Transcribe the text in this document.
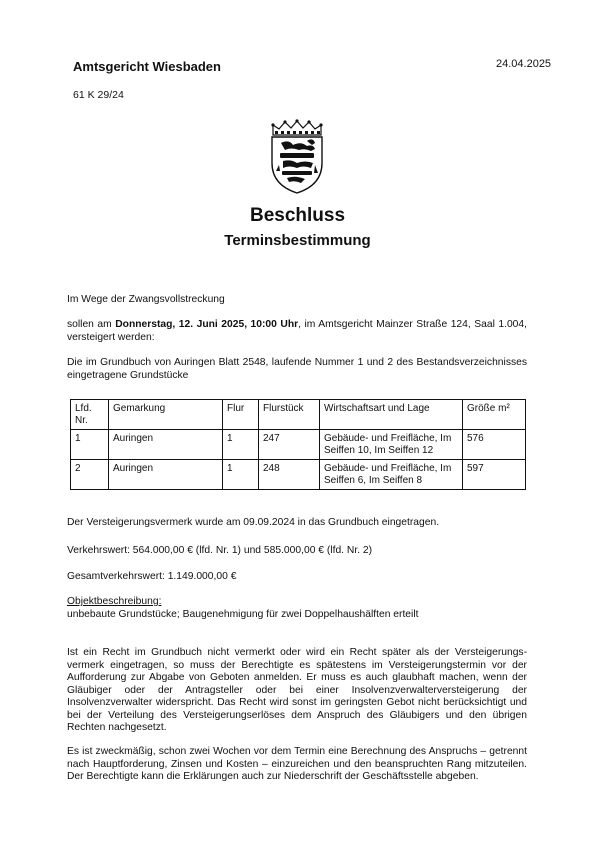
Amtsgericht Wiesbaden	24.04.2025
61 K 29/24
Beschluss
Terminsbestimmung
Im Wege der Zwangsvollstreckung
sollen am Donnerstag, 12. Juni 2025, 10:00 Uhr, im Amtsgericht Mainzer Straße 124, Saal 1.004, versteigert werden:
Die im Grundbuch von Auringen Blatt 2548, laufende Nummer 1 und 2 des Bestandsverzeichnisses eingetragene Grundstücke
Lfd. Nr.	Gemarkung	Flur	Flurstück	Wirtschaftsart und Lage	Größe m²
1	Auringen	1	247	Gebäude- und Freifläche, Im Seiffen 10, Im Seiffen 12	576
2	Auringen	1	248	Gebäude- und Freifläche, Im Seiffen 6, Im Seiffen 8	597
Der Versteigerungsvermerk wurde am 09.09.2024 in das Grundbuch eingetragen.
Verkehrswert: 564.000,00 € (lfd. Nr. 1) und 585.000,00 € (lfd. Nr. 2)
Gesamtverkehrswert: 1.149.000,00 €
Objektbeschreibung:
unbebaute Grundstücke; Baugenehmigung für zwei Doppelhaushälften erteilt
Ist ein Recht im Grundbuch nicht vermerkt oder wird ein Recht später als der Versteigerungs-vermerk eingetragen, so muss der Berechtigte es spätestens im Versteigerungstermin vor der Aufforderung zur Abgabe von Geboten anmelden. Er muss es auch glaubhaft machen, wenn der Gläubiger oder der Antragsteller oder bei einer Insolvenzverwalterversteigerung der Insolvenzverwalter widerspricht. Das Recht wird sonst im geringsten Gebot nicht berücksichtigt und bei der Verteilung des Versteigerungserlöses dem Anspruch des Gläubigers und den übrigen Rechten nachgesetzt.
Es ist zweckmäßig, schon zwei Wochen vor dem Termin eine Berechnung des Anspruchs – getrennt nach Hauptforderung, Zinsen und Kosten – einzureichen und den beanspruchten Rang mitzuteilen. Der Berechtigte kann die Erklärungen auch zur Niederschrift der Geschäftsstelle abgeben.
